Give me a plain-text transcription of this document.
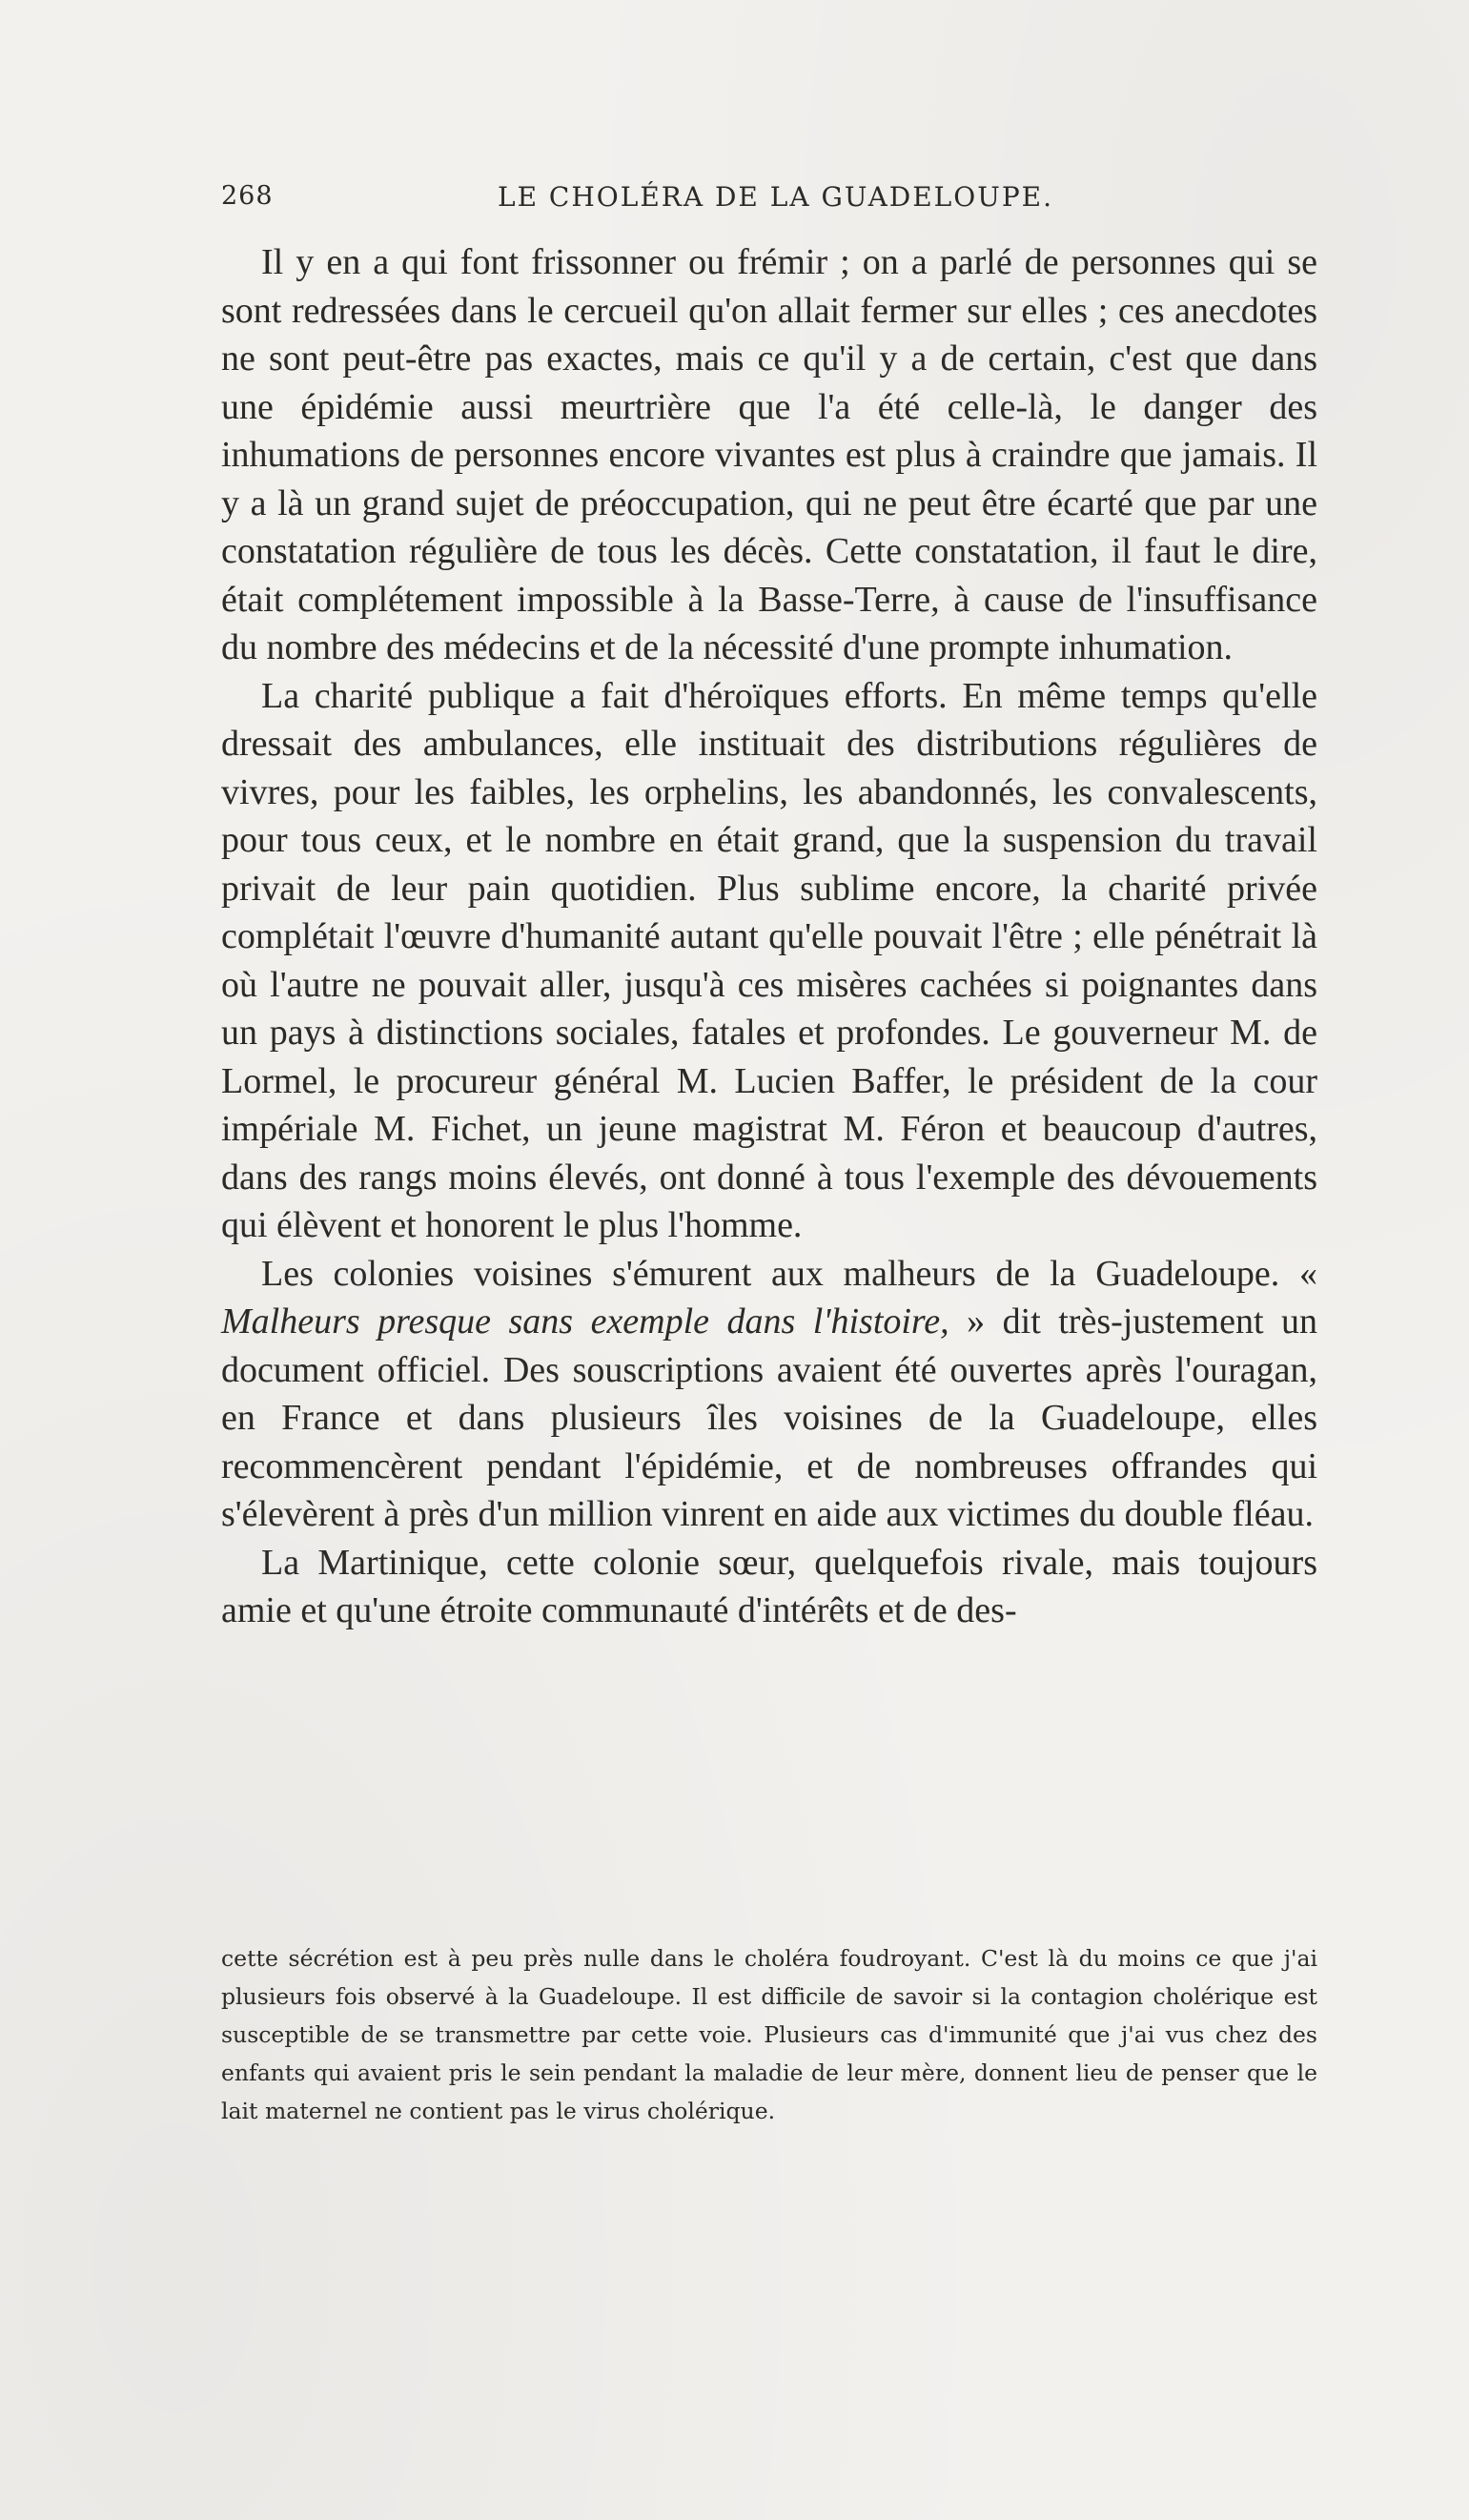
268	LE CHOLÉRA DE LA GUADELOUPE.

Il y en a qui font frissonner ou frémir ; on a parlé de personnes qui se sont redressées dans le cercueil qu'on allait fermer sur elles ; ces anecdotes ne sont peut-être pas exactes, mais ce qu'il y a de certain, c'est que dans une épidémie aussi meurtrière que l'a été celle-là, le danger des inhumations de personnes encore vivantes est plus à craindre que jamais. Il y a là un grand sujet de préoccupation, qui ne peut être écarté que par une constatation régulière de tous les décès. Cette constatation, il faut le dire, était complétement impossible à la Basse-Terre, à cause de l'insuffisance du nombre des médecins et de la nécessité d'une prompte inhumation.

La charité publique a fait d'héroïques efforts. En même temps qu'elle dressait des ambulances, elle instituait des distributions régulières de vivres, pour les faibles, les orphelins, les abandonnés, les convalescents, pour tous ceux, et le nombre en était grand, que la suspension du travail privait de leur pain quotidien. Plus sublime encore, la charité privée complétait l'œuvre d'humanité autant qu'elle pouvait l'être ; elle pénétrait là où l'autre ne pouvait aller, jusqu'à ces misères cachées si poignantes dans un pays à distinctions sociales, fatales et profondes. Le gouverneur M. de Lormel, le procureur général M. Lucien Baffer, le président de la cour impériale M. Fichet, un jeune magistrat M. Féron et beaucoup d'autres, dans des rangs moins élevés, ont donné à tous l'exemple des dévouements qui élèvent et honorent le plus l'homme.

Les colonies voisines s'émurent aux malheurs de la Guadeloupe. « Malheurs presque sans exemple dans l'histoire, » dit très-justement un document officiel. Des souscriptions avaient été ouvertes après l'ouragan, en France et dans plusieurs îles voisines de la Guadeloupe, elles recommencèrent pendant l'épidémie, et de nombreuses offrandes qui s'élevèrent à près d'un million vinrent en aide aux victimes du double fléau.

La Martinique, cette colonie sœur, quelquefois rivale, mais toujours amie et qu'une étroite communauté d'intérêts et de des-

cette sécrétion est à peu près nulle dans le choléra foudroyant. C'est là du moins ce que j'ai plusieurs fois observé à la Guadeloupe. Il est difficile de savoir si la contagion cholérique est susceptible de se transmettre par cette voie. Plusieurs cas d'immunité que j'ai vus chez des enfants qui avaient pris le sein pendant la maladie de leur mère, donnent lieu de penser que le lait maternel ne contient pas le virus cholérique.
